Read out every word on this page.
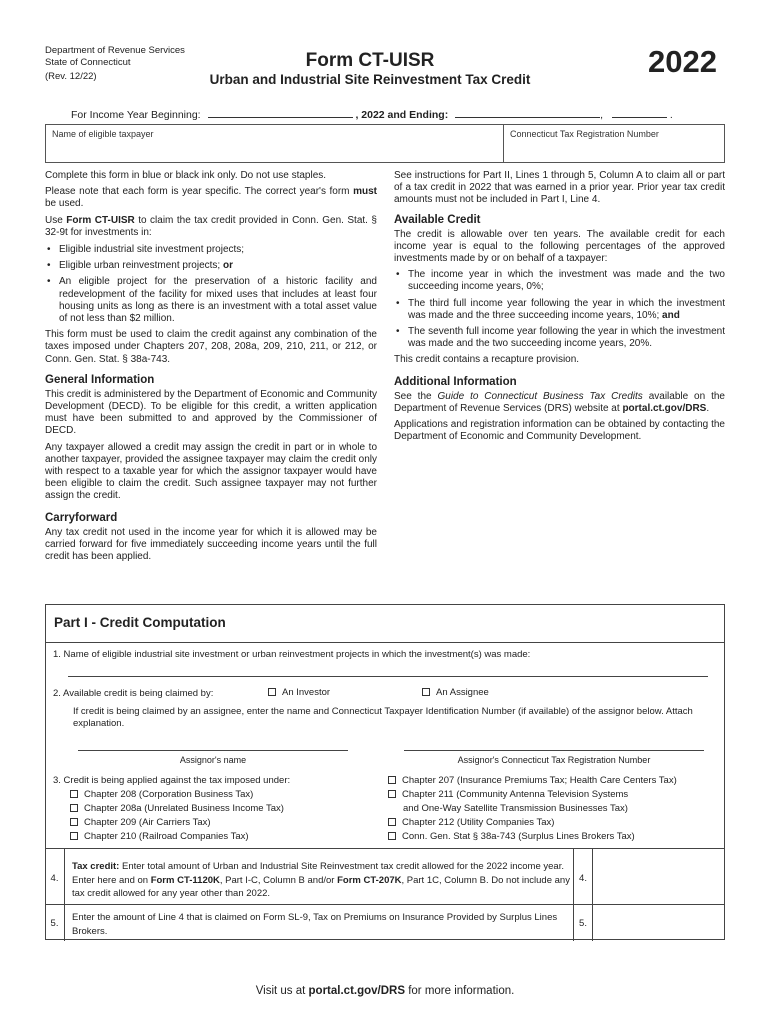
Department of Revenue Services
State of Connecticut
(Rev. 12/22)
Form CT-UISR
Urban and Industrial Site Reinvestment Tax Credit
2022
For Income Year Beginning:	, 2022 and Ending:	,	.
Name of eligible taxpayer	Connecticut Tax Registration Number

Complete this form in blue or black ink only. Do not use staples.

Please note that each form is year specific. The correct year's form must be used.

Use Form CT-UISR to claim the tax credit provided in Conn. Gen. Stat. § 32-9t for investments in:

• Eligible industrial site investment projects;
• Eligible urban reinvestment projects; or
• An eligible project for the preservation of a historic facility and redevelopment of the facility for mixed uses that includes at least four housing units as long as there is an investment with a total asset value of not less than $2 million.

This form must be used to claim the credit against any combination of the taxes imposed under Chapters 207, 208, 208a, 209, 210, 211, or 212, or Conn. Gen. Stat. § 38a-743.

General Information

This credit is administered by the Department of Economic and Community Development (DECD). To be eligible for this credit, a written application must have been submitted to and approved by the Commissioner of DECD.

Any taxpayer allowed a credit may assign the credit in part or in whole to another taxpayer, provided the assignee taxpayer may claim the credit only with respect to a taxable year for which the assignor taxpayer would have been eligible to claim the credit. Such assignee taxpayer may not further assign the credit.

Carryforward

Any tax credit not used in the income year for which it is allowed may be carried forward for five immediately succeeding income years until the full credit has been applied.

See instructions for Part II, Lines 1 through 5, Column A to claim all or part of a tax credit in 2022 that was earned in a prior year. Prior year tax credit amounts must not be included in Part I, Line 4.

Available Credit

The credit is allowable over ten years. The available credit for each income year is equal to the following percentages of the approved investments made by or on behalf of a taxpayer:

• The income year in which the investment was made and the two succeeding income years, 0%;
• The third full income year following the year in which the investment was made and the three succeeding income years, 10%; and
• The seventh full income year following the year in which the investment was made and the two succeeding income years, 20%.

This credit contains a recapture provision.

Additional Information

See the Guide to Connecticut Business Tax Credits available on the Department of Revenue Services (DRS) website at portal.ct.gov/DRS.

Applications and registration information can be obtained by contacting the Department of Economic and Community Development.

Part I - Credit Computation
1. Name of eligible industrial site investment or urban reinvestment projects in which the investment(s) was made:
2. Available credit is being claimed by:	An Investor	An Assignee
If credit is being claimed by an assignee, enter the name and Connecticut Taxpayer Identification Number (if available) of the assignor below. Attach explanation.
Assignor's name	Assignor's Connecticut Tax Registration Number
3. Credit is being applied against the tax imposed under:
Chapter 208 (Corporation Business Tax)
Chapter 208a (Unrelated Business Income Tax)
Chapter 209 (Air Carriers Tax)
Chapter 210 (Railroad Companies Tax)
Chapter 207 (Insurance Premiums Tax; Health Care Centers Tax)
Chapter 211 (Community Antenna Television Systems
and One-Way Satellite Transmission Businesses Tax)
Chapter 212 (Utility Companies Tax)
Conn. Gen. Stat § 38a-743 (Surplus Lines Brokers Tax)
4.
Tax credit: Enter total amount of Urban and Industrial Site Reinvestment tax credit allowed for the 2022 income year. Enter here and on Form CT-1120K, Part I-C, Column B and/or Form CT-207K, Part 1C, Column B. Do not include any tax credit allowed for any year other than 2022.
4.
5.
Enter the amount of Line 4 that is claimed on Form SL-9, Tax on Premiums on Insurance Provided by Surplus Lines Brokers.
5.
Visit us at portal.ct.gov/DRS for more information.
